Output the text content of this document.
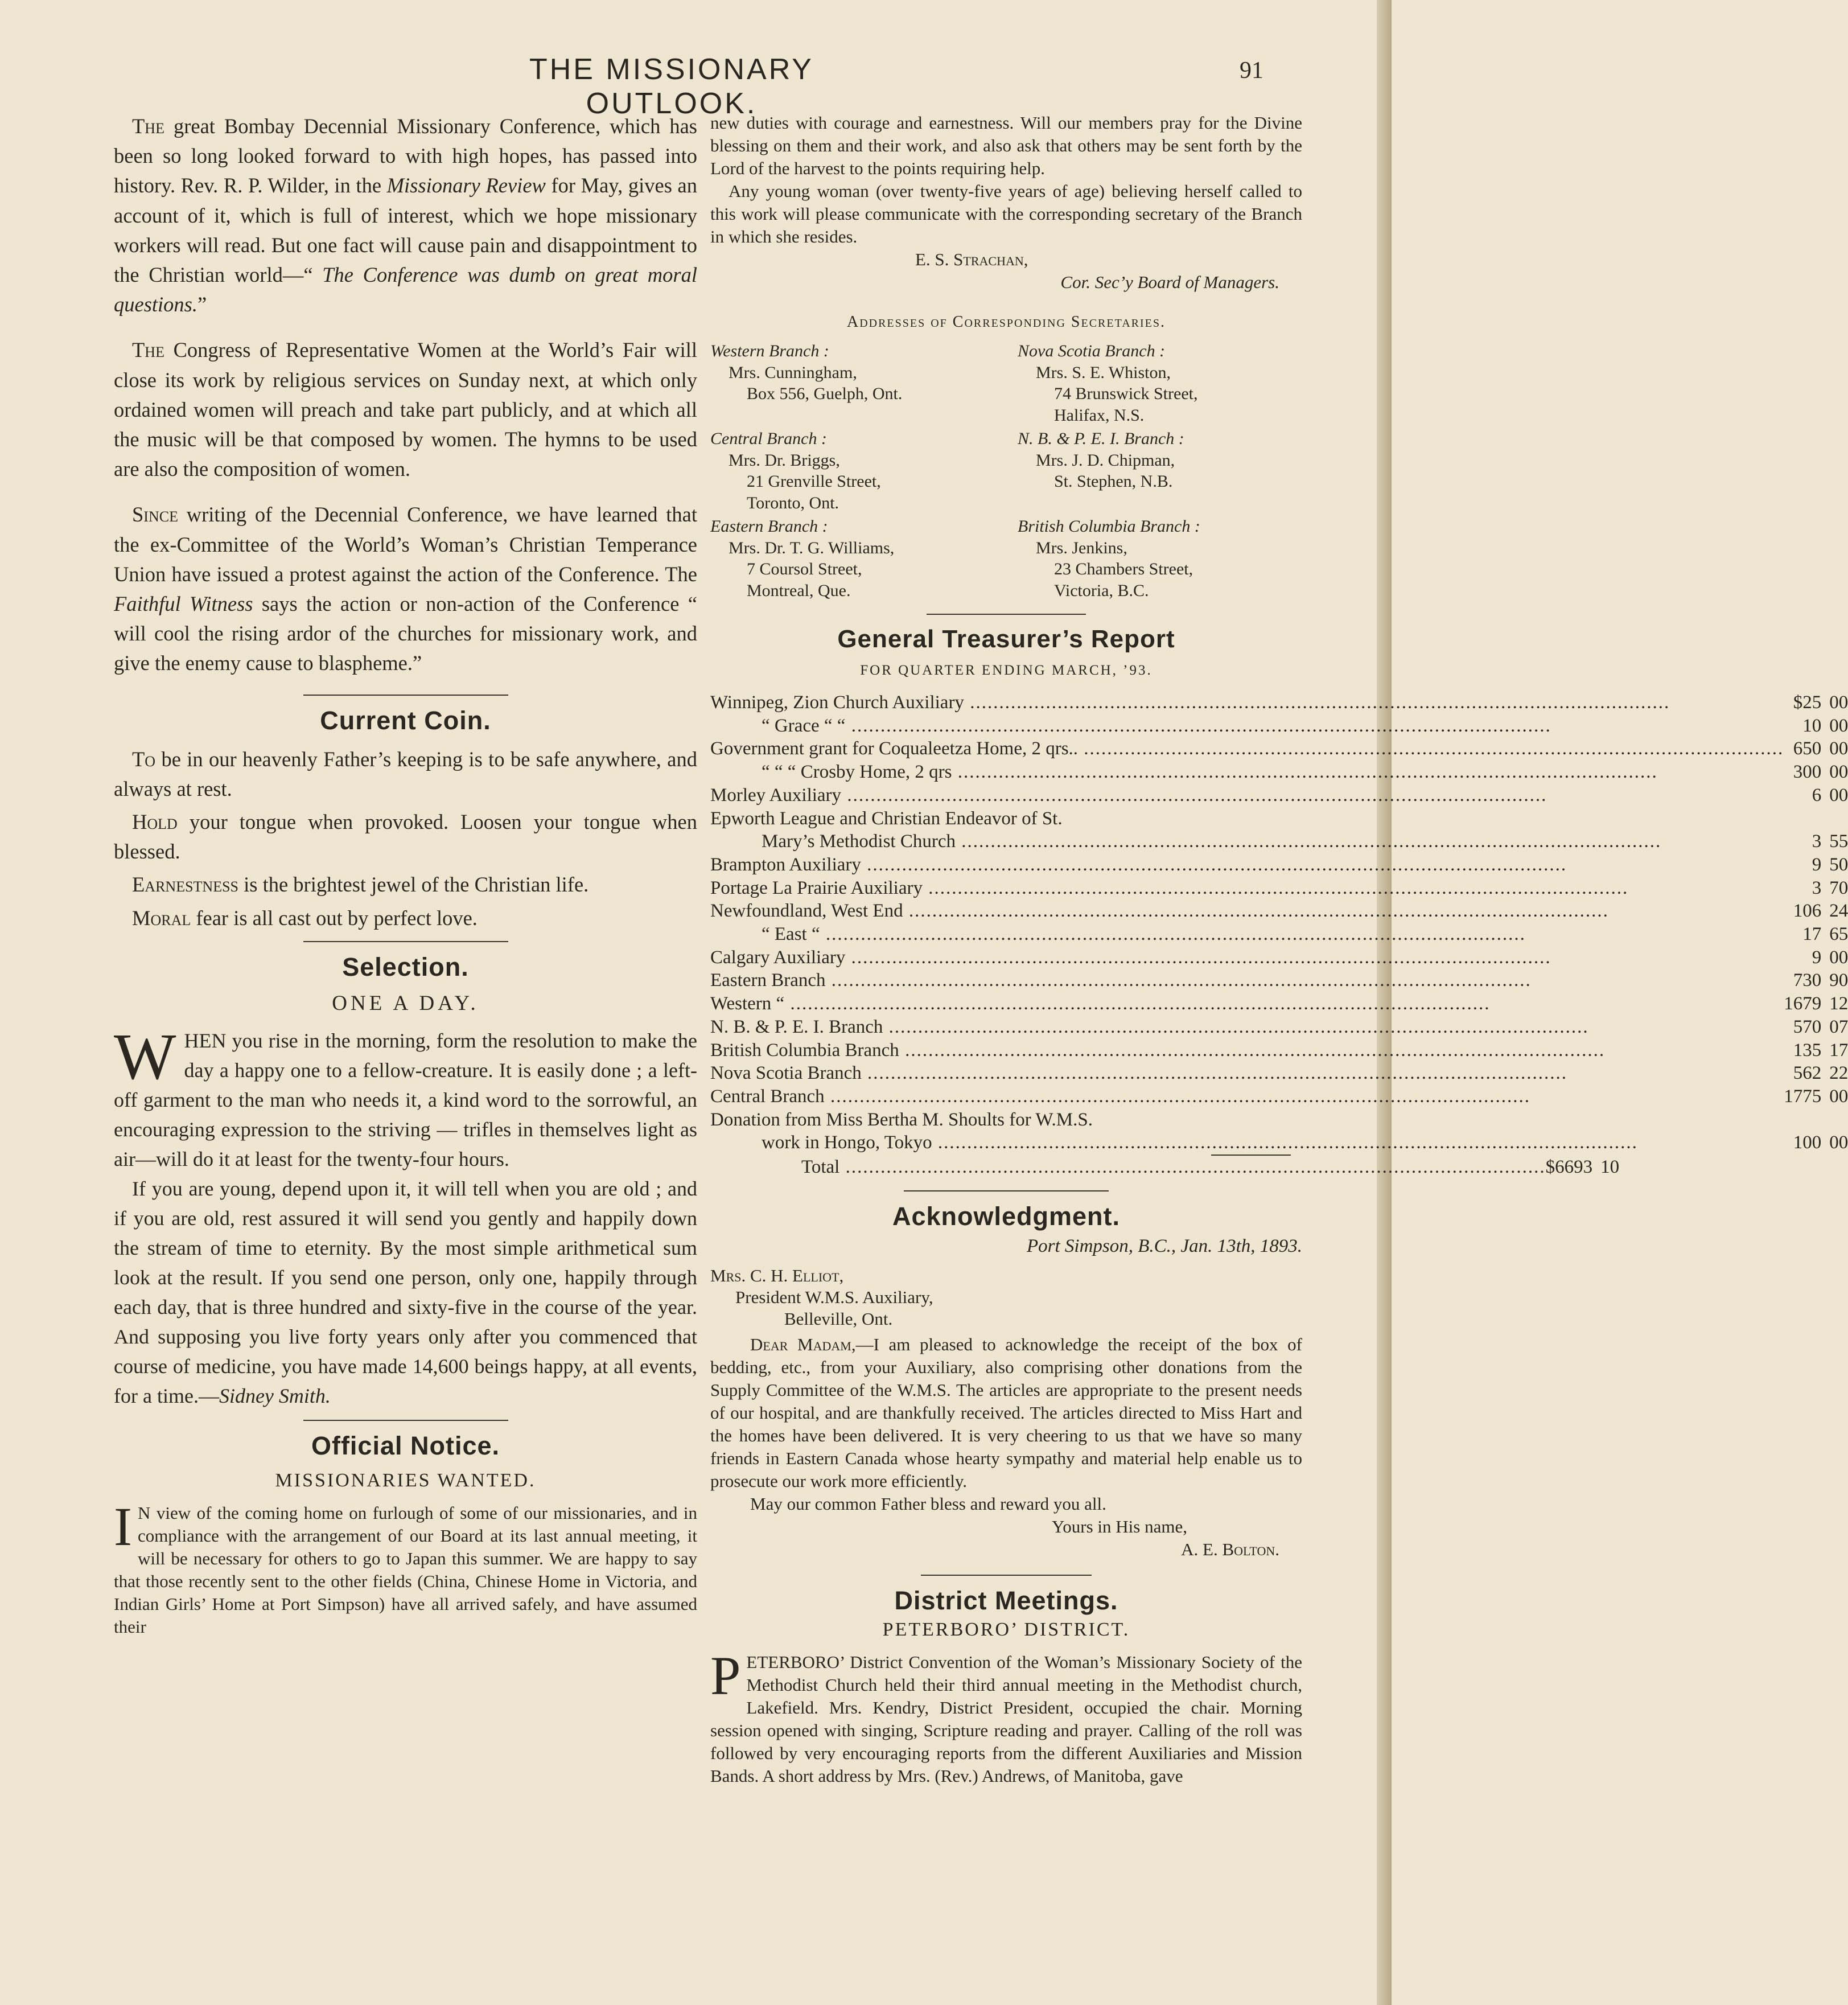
THE MISSIONARY OUTLOOK.
91

The great Bombay Decennial Missionary Conference, which has been so long looked forward to with high hopes, has passed into history. Rev. R. P. Wilder, in the Missionary Review for May, gives an account of it, which is full of interest, which we hope missionary workers will read. But one fact will cause pain and disappointment to the Christian world—“ The Conference was dumb on great moral questions.”

The Congress of Representative Women at the World’s Fair will close its work by religious services on Sunday next, at which only ordained women will preach and take part publicly, and at which all the music will be that composed by women. The hymns to be used are also the composition of women.

Since writing of the Decennial Conference, we have learned that the ex-Committee of the World’s Woman’s Christian Temperance Union have issued a protest against the action of the Conference. The Faithful Witness says the action or non-action of the Conference “ will cool the rising ardor of the churches for missionary work, and give the enemy cause to blaspheme.”

Current Coin.

To be in our heavenly Father’s keeping is to be safe anywhere, and always at rest.

Hold your tongue when provoked. Loosen your tongue when blessed.

Earnestness is the brightest jewel of the Christian life.

Moral fear is all cast out by perfect love.

Selection.
ONE A DAY.

WHEN you rise in the morning, form the resolution to make the day a happy one to a fellow-creature. It is easily done ; a left-off garment to the man who needs it, a kind word to the sorrowful, an encouraging expression to the striving — trifles in themselves light as air—will do it at least for the twenty-four hours.

If you are young, depend upon it, it will tell when you are old ; and if you are old, rest assured it will send you gently and happily down the stream of time to eternity. By the most simple arithmetical sum look at the result. If you send one person, only one, happily through each day, that is three hundred and sixty-five in the course of the year. And supposing you live forty years only after you commenced that course of medicine, you have made 14,600 beings happy, at all events, for a time.—Sidney Smith.

Official Notice.
MISSIONARIES WANTED.

I N view of the coming home on furlough of some of our missionaries, and in compliance with the arrangement of our Board at its last annual meeting, it will be necessary for others to go to Japan this summer. We are happy to say that those recently sent to the other fields (China, Chinese Home in Victoria, and Indian Girls’ Home at Port Simpson) have all arrived safely, and have assumed their

new duties with courage and earnestness. Will our members pray for the Divine blessing on them and their work, and also ask that others may be sent forth by the Lord of the harvest to the points requiring help.

Any young woman (over twenty-five years of age) believing herself called to this work will please communicate with the corresponding secretary of the Branch in which she resides.

E. S. Strachan,

Cor. Sec’y Board of Managers.

Addresses of Corresponding Secretaries.
Western Branch :
Mrs. Cunningham,
Box 556, Guelph, Ont.
Nova Scotia Branch :
Mrs. S. E. Whiston,
74 Brunswick Street,
Halifax, N.S.
Central Branch :
Mrs. Dr. Briggs,
21 Grenville Street,
Toronto, Ont.
N. B. & P. E. I. Branch :
Mrs. J. D. Chipman,
St. Stephen, N.B.
Eastern Branch :
Mrs. Dr. T. G. Williams,
7 Coursol Street,
Montreal, Que.
British Columbia Branch :
Mrs. Jenkins,
23 Chambers Street,
Victoria, B.C.
General Treasurer’s Report
FOR QUARTER ENDING MARCH, ’93.
Winnipeg, Zion Church Auxiliary .....	$25	00
“ Grace “ “ .....	10	00
Government grant for Coqualeetza Home, 2 qrs.. .....	650	00
“ “ “ Crosby Home, 2 qrs .....	300	00
Morley Auxiliary .....	6	00
Epworth League and Christian Endeavor of St.		
Mary’s Methodist Church .....	3	55
Brampton Auxiliary .....	9	50
Portage La Prairie Auxiliary .....	3	70
Newfoundland, West End .....	106	24
“ East “ .....	17	65
Calgary Auxiliary .....	9	00
Eastern Branch .....	730	90
Western “ .....	1679	12
N. B. & P. E. I. Branch .....	570	07
British Columbia Branch .....	135	17
Nova Scotia Branch .....	562	22
Central Branch .....	1775	00
Donation from Miss Bertha M. Shoults for W.M.S.		
work in Hongo, Tokyo .....	100	00
Total .....	$6693	10
Acknowledgment.
Port Simpson, B.C., Jan. 13th, 1893.
Mrs. C. H. Elliot,
President W.M.S. Auxiliary,
Belleville, Ont.

Dear Madam,—I am pleased to acknowledge the receipt of the box of bedding, etc., from your Auxiliary, also comprising other donations from the Supply Committee of the W.M.S. The articles are appropriate to the present needs of our hospital, and are thankfully received. The articles directed to Miss Hart and the homes have been delivered. It is very cheering to us that we have so many friends in Eastern Canada whose hearty sympathy and material help enable us to prosecute our work more efficiently.

May our common Father bless and reward you all.

Yours in His name,

A. E. Bolton.

District Meetings.
PETERBORO’ DISTRICT.

PETERBORO’ District Convention of the Woman’s Missionary Society of the Methodist Church held their third annual meeting in the Methodist church, Lakefield. Mrs. Kendry, District President, occupied the chair. Morning session opened with singing, Scripture reading and prayer. Calling of the roll was followed by very encouraging reports from the different Auxiliaries and Mission Bands. A short address by Mrs. (Rev.) Andrews, of Manitoba, gave
